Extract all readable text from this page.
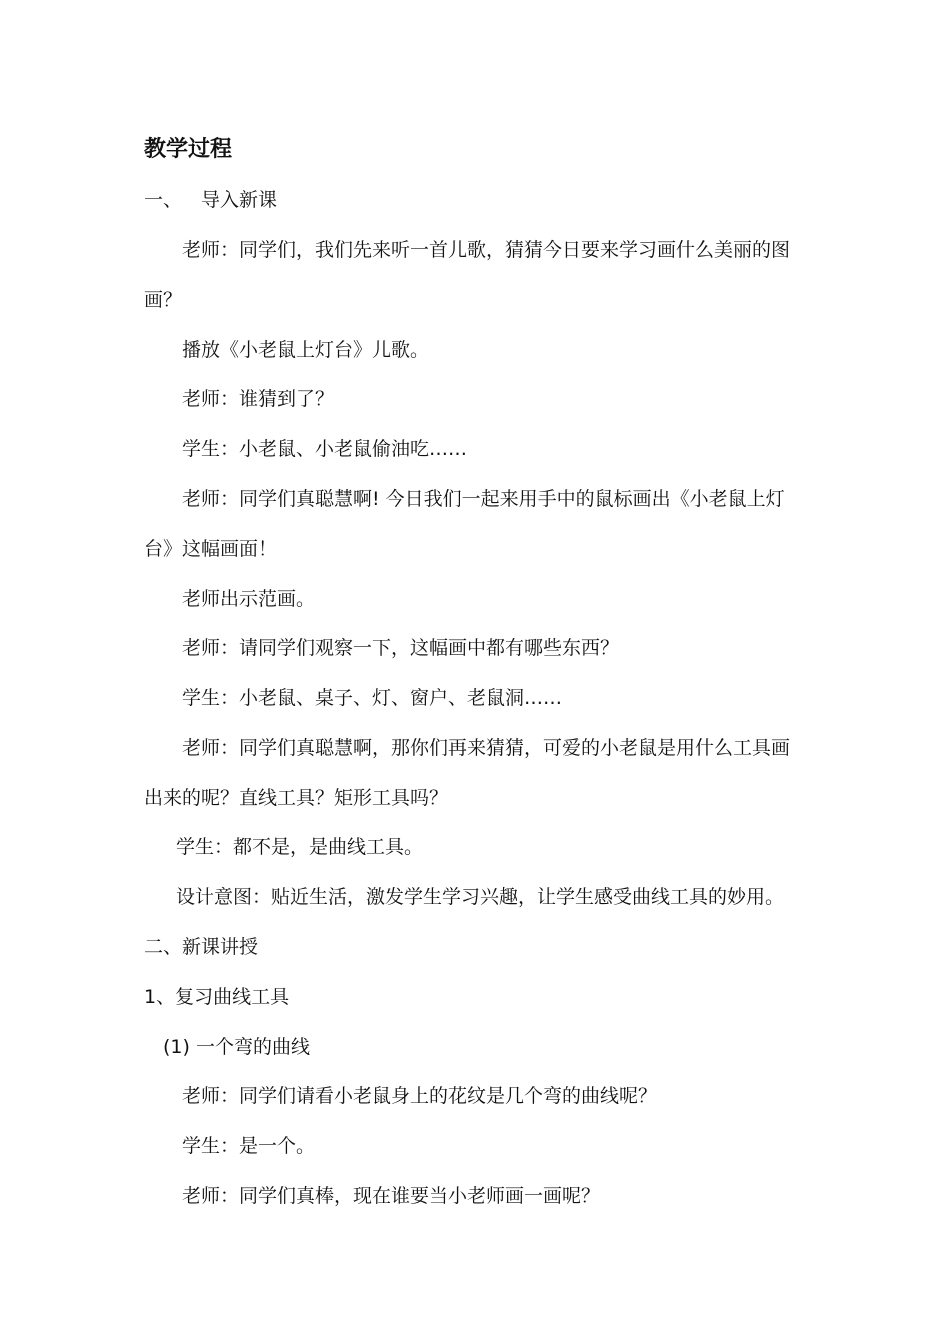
教学过程
一、 导入新课
老师：同学们，我们先来听一首儿歌，猜猜今日要来学习画什么美丽的图
画？
播放《小老鼠上灯台》儿歌。
老师：谁猜到了？
学生：小老鼠、小老鼠偷油吃……
老师：同学们真聪慧啊! 今日我们一起来用手中的鼠标画出《小老鼠上灯
台》这幅画面！
老师出示范画。
老师：请同学们观察一下，这幅画中都有哪些东西？
学生：小老鼠、桌子、灯、窗户、老鼠洞……
老师：同学们真聪慧啊，那你们再来猜猜，可爱的小老鼠是用什么工具画
出来的呢？直线工具？矩形工具吗？
学生：都不是，是曲线工具。
设计意图：贴近生活，激发学生学习兴趣，让学生感受曲线工具的妙用。
二、新课讲授
1、复习曲线工具
(1) 一个弯的曲线
老师：同学们请看小老鼠身上的花纹是几个弯的曲线呢？
学生：是一个。
老师：同学们真棒，现在谁要当小老师画一画呢？
